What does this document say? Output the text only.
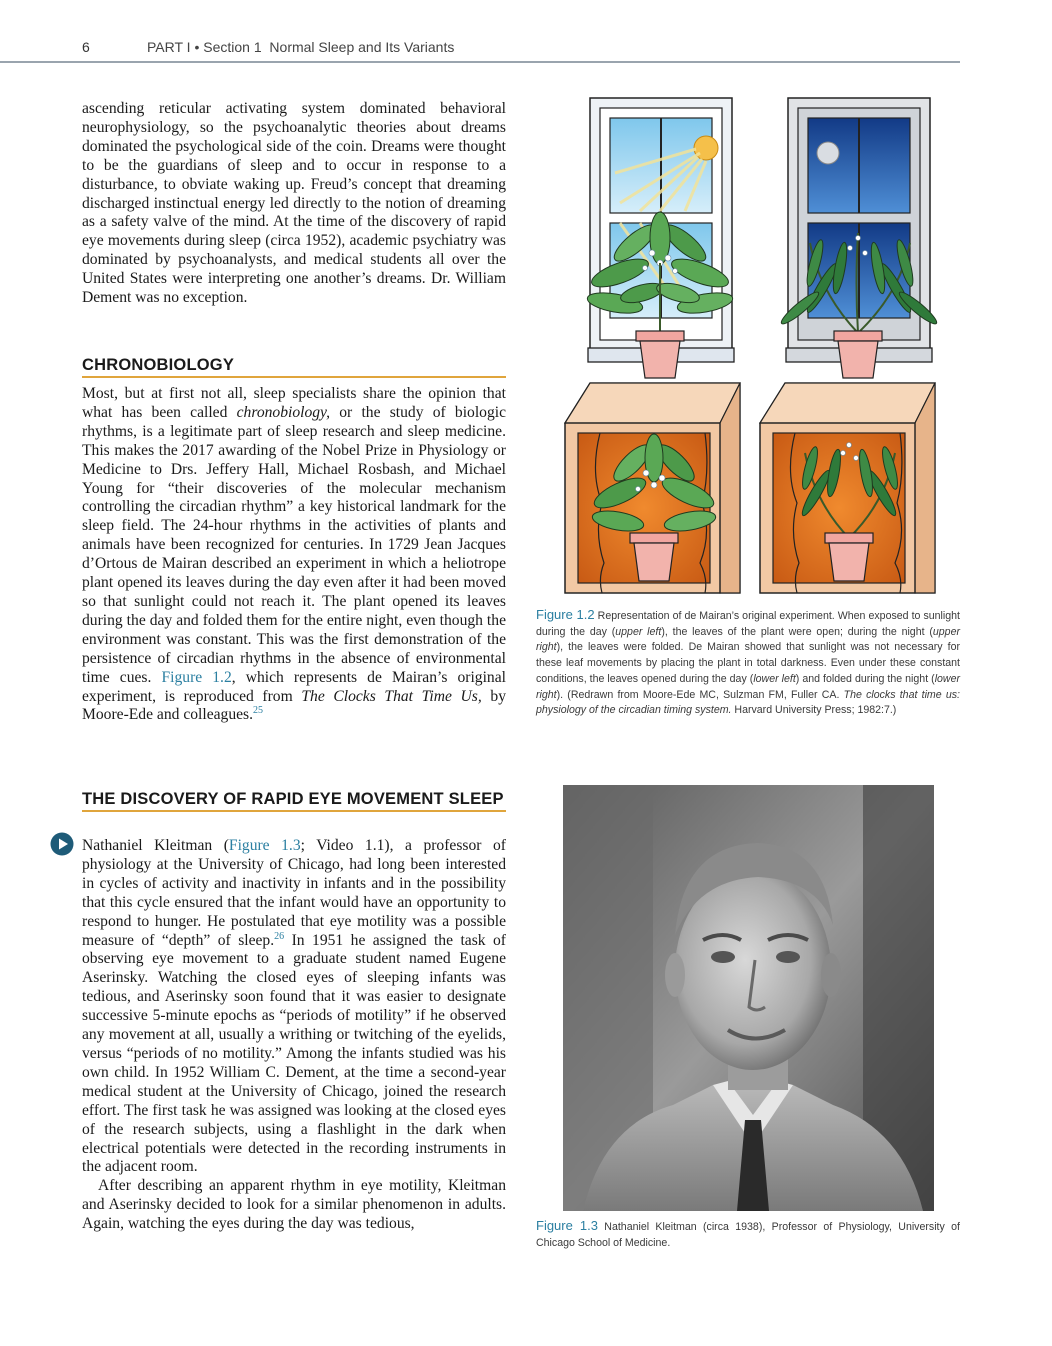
6	PART I • Section 1 Normal Sleep and Its Variants

ascending reticular activating system dominated behavioral neurophysiology, so the psychoanalytic theories about dreams dominated the psychological side of the coin. Dreams were thought to be the guardians of sleep and to occur in response to a disturbance, to obviate waking up. Freud’s concept that dreaming discharged instinctual energy led directly to the notion of dreaming as a safety valve of the mind. At the time of the discovery of rapid eye movements during sleep (circa 1952), academic psychiatry was dominated by psychoanalysts, and medical students all over the United States were interpreting one another’s dreams. Dr. William Dement was no exception.

CHRONOBIOLOGY

Most, but at first not all, sleep specialists share the opinion that what has been called chronobiology, or the study of biologic rhythms, is a legitimate part of sleep research and sleep medicine. This makes the 2017 awarding of the Nobel Prize in Physiology or Medicine to Drs. Jeffery Hall, Michael Rosbash, and Michael Young for “their discoveries of the molecular mechanism controlling the circadian rhythm” a key historical landmark for the sleep field. The 24-hour rhythms in the activities of plants and animals have been recognized for centuries. In 1729 Jean Jacques d’Ortous de Mairan described an experiment in which a heliotrope plant opened its leaves during the day even after it had been moved so that sunlight could not reach it. The plant opened its leaves during the day and folded them for the entire night, even though the environment was constant. This was the first demonstration of the persistence of circadian rhythms in the absence of environmental time cues. Figure 1.2, which represents de Mairan’s original experiment, is reproduced from The Clocks That Time Us, by Moore-Ede and colleagues.$^{25}$

THE DISCOVERY OF RAPID EYE MOVEMENT SLEEP

Nathaniel Kleitman (Figure 1.3; Video 1.1), a professor of physiology at the University of Chicago, had long been interested in cycles of activity and inactivity in infants and in the possibility that this cycle ensured that the infant would have an opportunity to respond to hunger. He postulated that eye motility was a possible measure of “depth” of sleep.$^{26}$ In 1951 he assigned the task of observing eye movement to a graduate student named Eugene Aserinsky. Watching the closed eyes of sleeping infants was tedious, and Aserinsky soon found that it was easier to designate successive 5-minute epochs as “periods of motility” if he observed any movement at all, usually a writhing or twitching of the eyelids, versus “periods of no motility.” Among the infants studied was his own child. In 1952 William C. Dement, at the time a second-year medical student at the University of Chicago, joined the research effort. The first task he was assigned was looking at the closed eyes of the research subjects, using a flashlight in the dark when electrical potentials were detected in the recording instruments in the adjacent room.

After describing an apparent rhythm in eye motility, Kleitman and Aserinsky decided to look for a similar phenomenon in adults. Again, watching the eyes during the day was tedious,

Figure 1.2 Representation of de Mairan’s original experiment. When exposed to sunlight during the day (upper left), the leaves of the plant were open; during the night (upper right), the leaves were folded. De Mairan showed that sunlight was not necessary for these leaf movements by placing the plant in total darkness. Even under these constant conditions, the leaves opened during the day (lower left) and folded during the night (lower right). (Redrawn from Moore-Ede MC, Sulzman FM, Fuller CA. The clocks that time us: physiology of the circadian timing system. Harvard University Press; 1982:7.)
Figure 1.3 Nathaniel Kleitman (circa 1938), Professor of Physiology, University of Chicago School of Medicine.
